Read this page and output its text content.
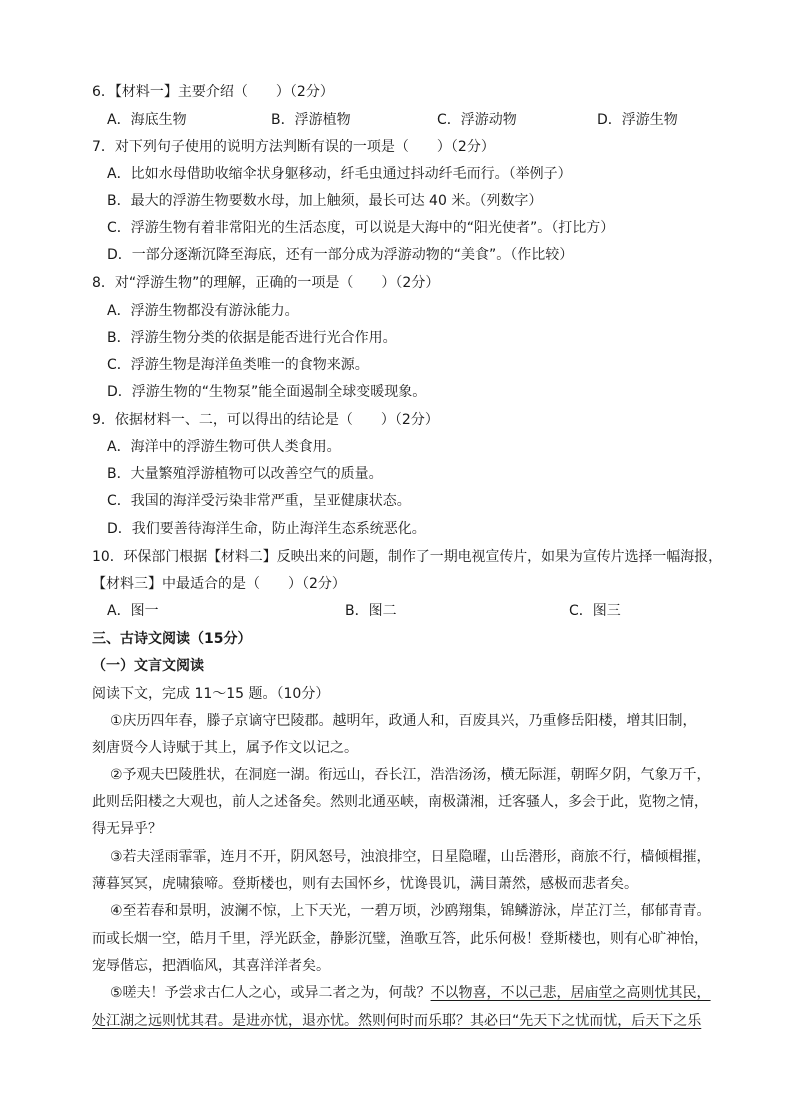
6．【材料一】主要介绍（　　）（2分）
A．海底生物	B．浮游植物	C．浮游动物	D．浮游生物
7．对下列句子使用的说明方法判断有误的一项是（　　）（2分）
A．比如水母借助收缩伞状身躯移动，纤毛虫通过抖动纤毛而行。（举例子）
B．最大的浮游生物要数水母，加上触须，最长可达 40 米。（列数字）
C．浮游生物有着非常阳光的生活态度，可以说是大海中的“阳光使者”。（打比方）
D．一部分逐渐沉降至海底，还有一部分成为浮游动物的“美食”。（作比较）
8．对“浮游生物”的理解，正确的一项是（　　）（2分）
A．浮游生物都没有游泳能力。
B．浮游生物分类的依据是能否进行光合作用。
C．浮游生物是海洋鱼类唯一的食物来源。
D．浮游生物的“生物泵”能全面遏制全球变暖现象。
9．依据材料一、二，可以得出的结论是（　　）（2分）
A．海洋中的浮游生物可供人类食用。
B．大量繁殖浮游植物可以改善空气的质量。
C．我国的海洋受污染非常严重，呈亚健康状态。
D．我们要善待海洋生命，防止海洋生态系统恶化。
10．环保部门根据【材料二】反映出来的问题，制作了一期电视宣传片，如果为宣传片选择一幅海报，
【材料三】中最适合的是（　　）（2分）
A．图一	B．图二	C．图三
三、古诗文阅读（15分）
（一）文言文阅读
阅读下文，完成 11～15 题。（10分）
①庆历四年春，滕子京谪守巴陵郡。越明年，政通人和，百废具兴，乃重修岳阳楼，增其旧制，
刻唐贤今人诗赋于其上，属予作文以记之。
②予观夫巴陵胜状，在洞庭一湖。衔远山，吞长江，浩浩汤汤，横无际涯，朝晖夕阴，气象万千，
此则岳阳楼之大观也，前人之述备矣。然则北通巫峡，南极潇湘，迁客骚人，多会于此，览物之情，
得无异乎？
③若夫淫雨霏霏，连月不开，阴风怒号，浊浪排空，日星隐曜，山岳潜形，商旅不行，樯倾楫摧，
薄暮冥冥，虎啸猿啼。登斯楼也，则有去国怀乡，忧谗畏讥，满目萧然，感极而悲者矣。
④至若春和景明，波澜不惊，上下天光，一碧万顷，沙鸥翔集，锦鳞游泳，岸芷汀兰，郁郁青青。
而或长烟一空，皓月千里，浮光跃金，静影沉璧，渔歌互答，此乐何极！登斯楼也，则有心旷神怡，
宠辱偕忘，把酒临风，其喜洋洋者矣。
⑤嗟夫！予尝求古仁人之心，或异二者之为，何哉？不以物喜，不以己悲，居庙堂之高则忧其民，
处江湖之远则忧其君。是进亦忧，退亦忧。然则何时而乐耶？其必曰“先天下之忧而忧，后天下之乐
